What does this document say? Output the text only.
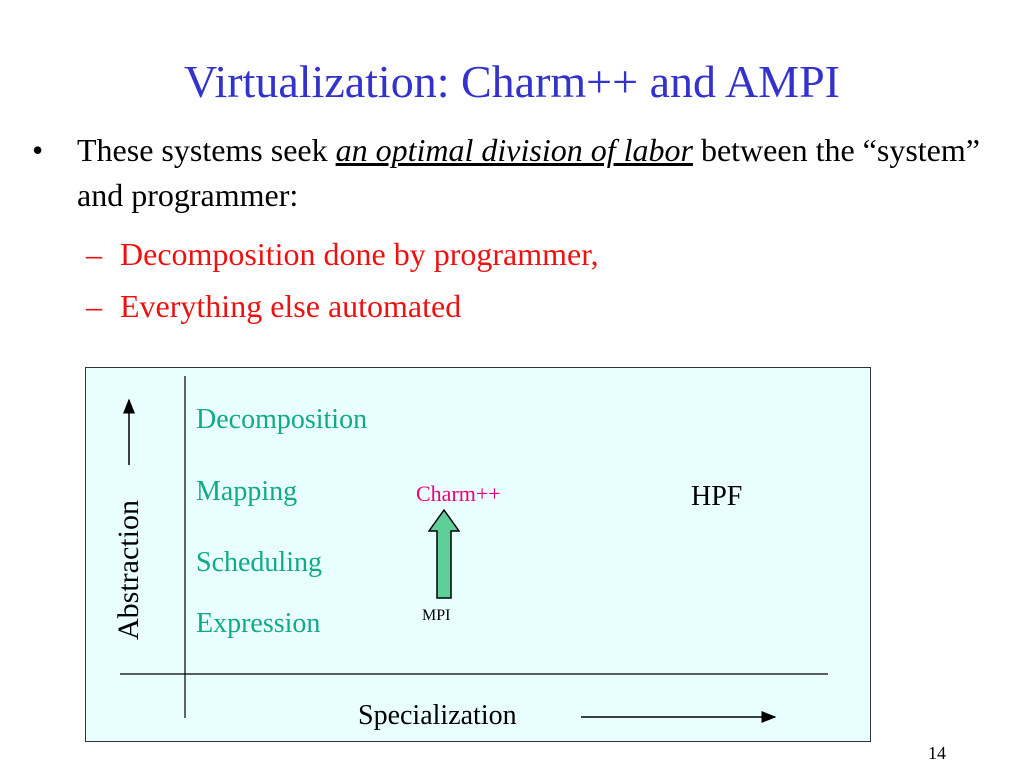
Virtualization: Charm++ and AMPI
• These systems seek an optimal division of labor between the “system” and programmer:
– Decomposition done by programmer,
– Everything else automated
Decomposition
Mapping
Scheduling
Expression
Charm++
MPI
HPF
Abstraction
Specialization
14
